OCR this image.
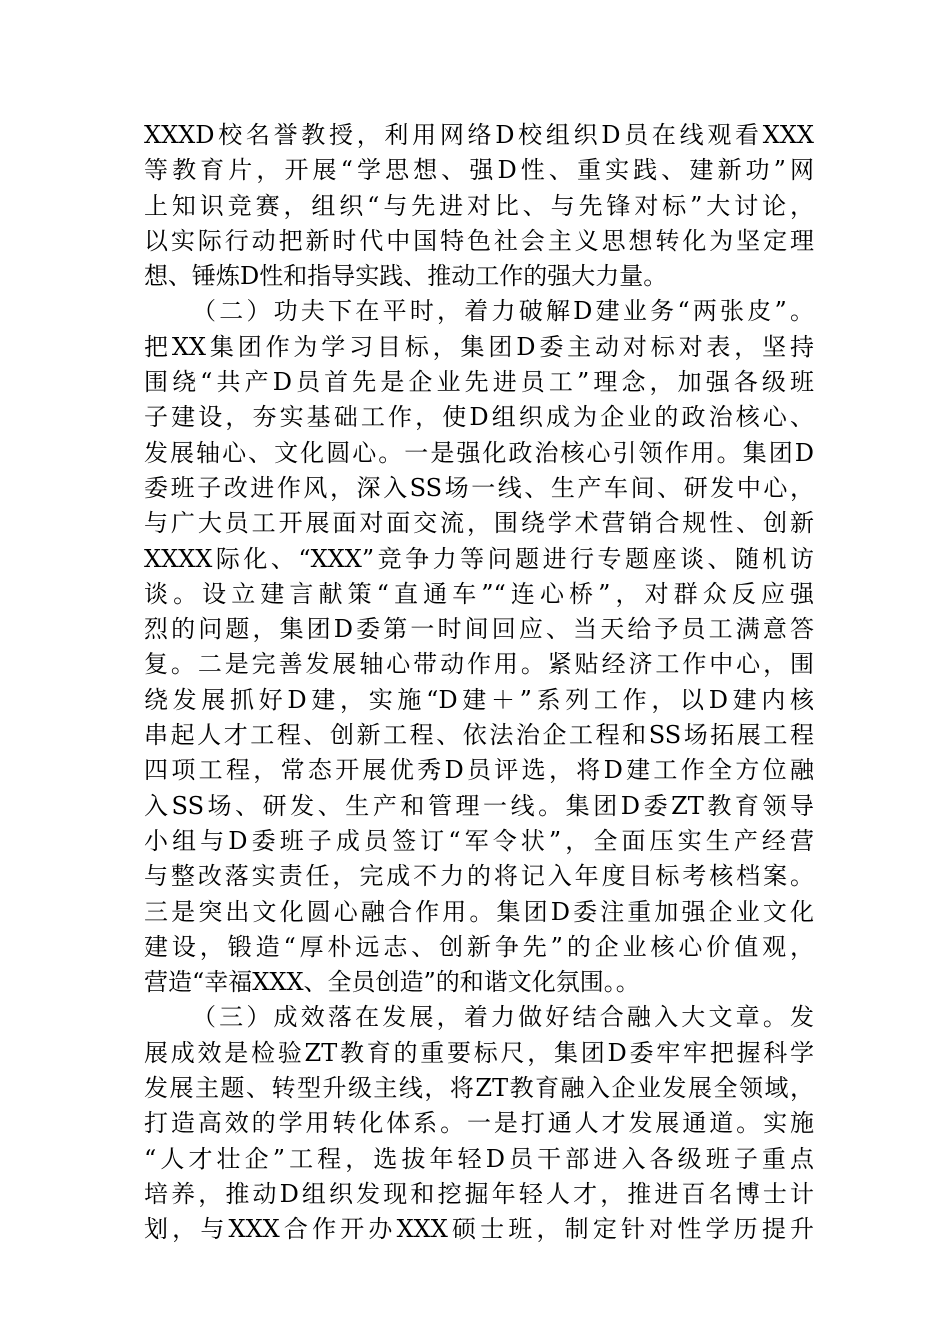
XXXD校名誉教授，利用网络D校组织D员在线观看XXX
等教育片，开展“学思想、强D性、重实践、建新功”网
上知识竞赛，组织“与先进对比、与先锋对标”大讨论，
以实际行动把新时代中国特色社会主义思想转化为坚定理
想、锤炼D性和指导实践、推动工作的强大力量。
（二）功夫下在平时，着力破解D建业务“两张皮”。
把XX集团作为学习目标，集团D委主动对标对表，坚持
围绕“共产D员首先是企业先进员工”理念，加强各级班
子建设，夯实基础工作，使D组织成为企业的政治核心、
发展轴心、文化圆心。一是强化政治核心引领作用。集团D
委班子改进作风，深入SS场一线、生产车间、研发中心，
与广大员工开展面对面交流，围绕学术营销合规性、创新
XXXX际化、“XXX”竞争力等问题进行专题座谈、随机访
谈。设立建言献策“直通车”“连心桥”，对群众反应强
烈的问题，集团D委第一时间回应、当天给予员工满意答
复。二是完善发展轴心带动作用。紧贴经济工作中心，围
绕发展抓好D建，实施“D建＋”系列工作，以D建内核
串起人才工程、创新工程、依法治企工程和SS场拓展工程
四项工程，常态开展优秀D员评选，将D建工作全方位融
入SS场、研发、生产和管理一线。集团D委ZT教育领导
小组与D委班子成员签订“军令状”，全面压实生产经营
与整改落实责任，完成不力的将记入年度目标考核档案。
三是突出文化圆心融合作用。集团D委注重加强企业文化
建设，锻造“厚朴远志、创新争先”的企业核心价值观，
营造“幸福XXX、全员创造”的和谐文化氛围。。
（三）成效落在发展，着力做好结合融入大文章。发
展成效是检验ZT教育的重要标尺，集团D委牢牢把握科学
发展主题、转型升级主线，将ZT教育融入企业发展全领域，
打造高效的学用转化体系。一是打通人才发展通道。实施
“人才壮企”工程，选拔年轻D员干部进入各级班子重点
培养，推动D组织发现和挖掘年轻人才，推进百名博士计
划，与XXX合作开办XXX硕士班，制定针对性学历提升
